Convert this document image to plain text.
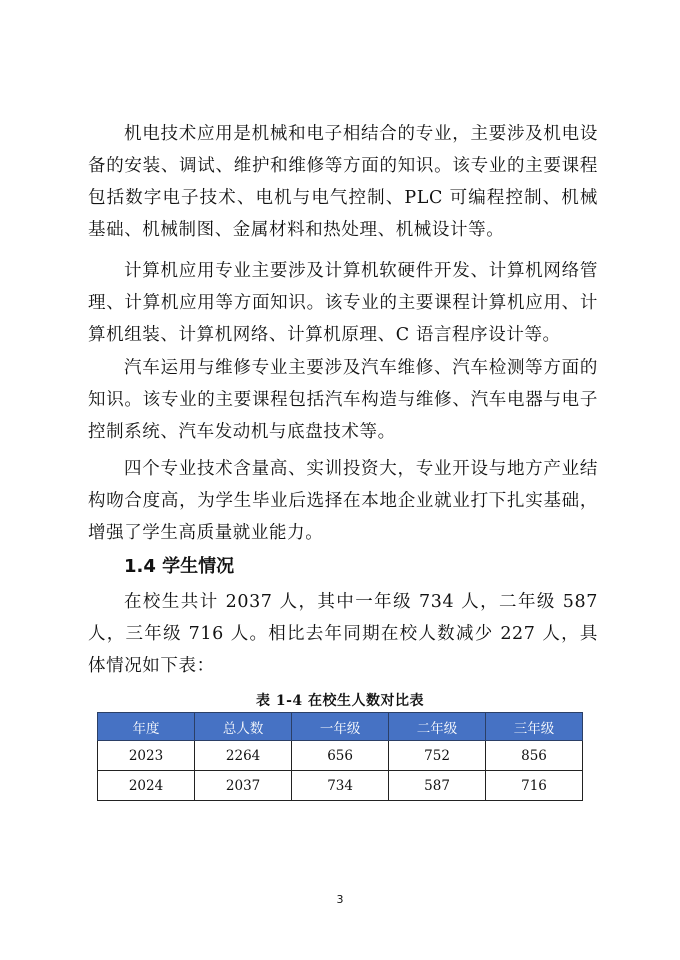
机电技术应用是机械和电子相结合的专业，主要涉及机电设备的安装、调试、维护和维修等方面的知识。该专业的主要课程包括数字电子技术、电机与电气控制、PLC 可编程控制、机械基础、机械制图、金属材料和热处理、机械设计等。

计算机应用专业主要涉及计算机软硬件开发、计算机网络管理、计算机应用等方面知识。该专业的主要课程计算机应用、计算机组装、计算机网络、计算机原理、C 语言程序设计等。

汽车运用与维修专业主要涉及汽车维修、汽车检测等方面的知识。该专业的主要课程包括汽车构造与维修、汽车电器与电子控制系统、汽车发动机与底盘技术等。

四个专业技术含量高、实训投资大，专业开设与地方产业结构吻合度高，为学生毕业后选择在本地企业就业打下扎实基础，增强了学生高质量就业能力。

1.4 学生情况

在校生共计 2037 人，其中一年级 734 人，二年级 587 人，三年级 716 人。相比去年同期在校人数减少 227 人，具体情况如下表：

表 1-4 在校生人数对比表
年度	总人数	一年级	二年级	三年级
2023	2264	656	752	856
2024	2037	734	587	716
3
